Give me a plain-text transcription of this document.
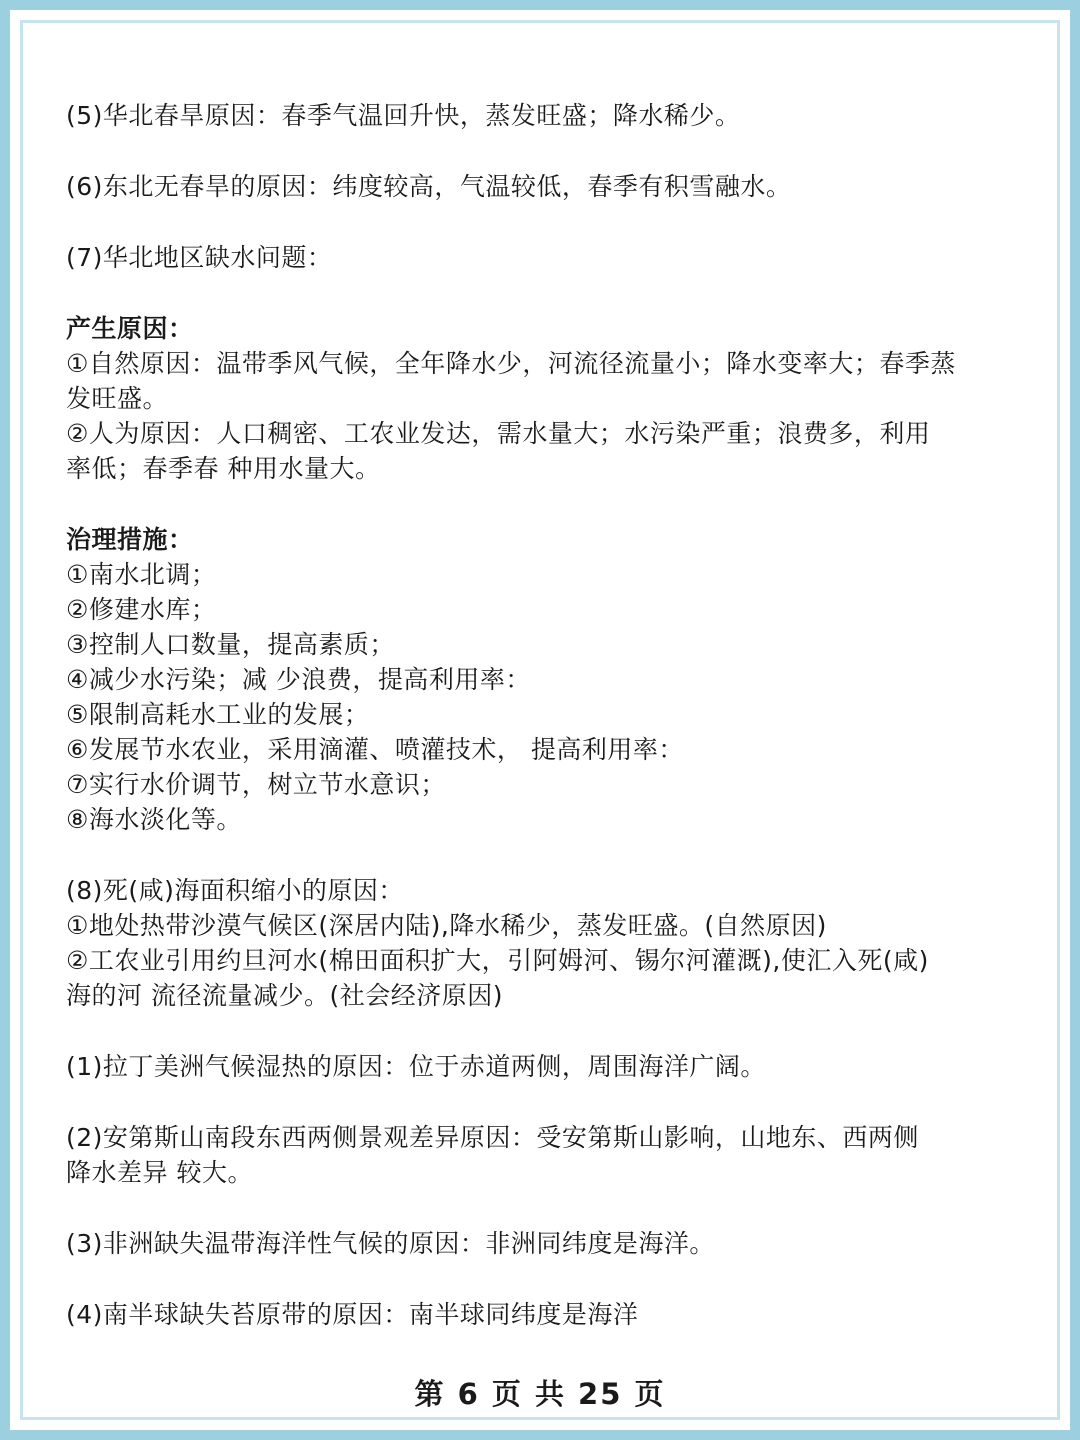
(5)华北春旱原因：春季气温回升快，蒸发旺盛；降水稀少。
(6)东北无春旱的原因：纬度较高，气温较低，春季有积雪融水。
(7)华北地区缺水问题：
产生原因：
①自然原因：温带季风气候，全年降水少，河流径流量小；降水变率大；春季蒸
发旺盛。
②人为原因：人口稠密、工农业发达，需水量大；水污染严重；浪费多，利用
率低；春季春 种用水量大。
治理措施：
①南水北调；
②修建水库；
③控制人口数量，提高素质；
④减少水污染；减 少浪费，提高利用率：
⑤限制高耗水工业的发展；
⑥发展节水农业，采用滴灌、喷灌技术， 提高利用率：
⑦实行水价调节，树立节水意识；
⑧海水淡化等。
(8)死(咸)海面积缩小的原因：
①地处热带沙漠气候区(深居内陆),降水稀少，蒸发旺盛。(自然原因)
②工农业引用约旦河水(棉田面积扩大，引阿姆河、锡尔河灌溉),使汇入死(咸)
海的河 流径流量减少。(社会经济原因)
(1)拉丁美洲气候湿热的原因：位于赤道两侧，周围海洋广阔。
(2)安第斯山南段东西两侧景观差异原因：受安第斯山影响，山地东、西两侧
降水差异 较大。
(3)非洲缺失温带海洋性气候的原因：非洲同纬度是海洋。
(4)南半球缺失苔原带的原因：南半球同纬度是海洋
第 6 页 共 25 页
